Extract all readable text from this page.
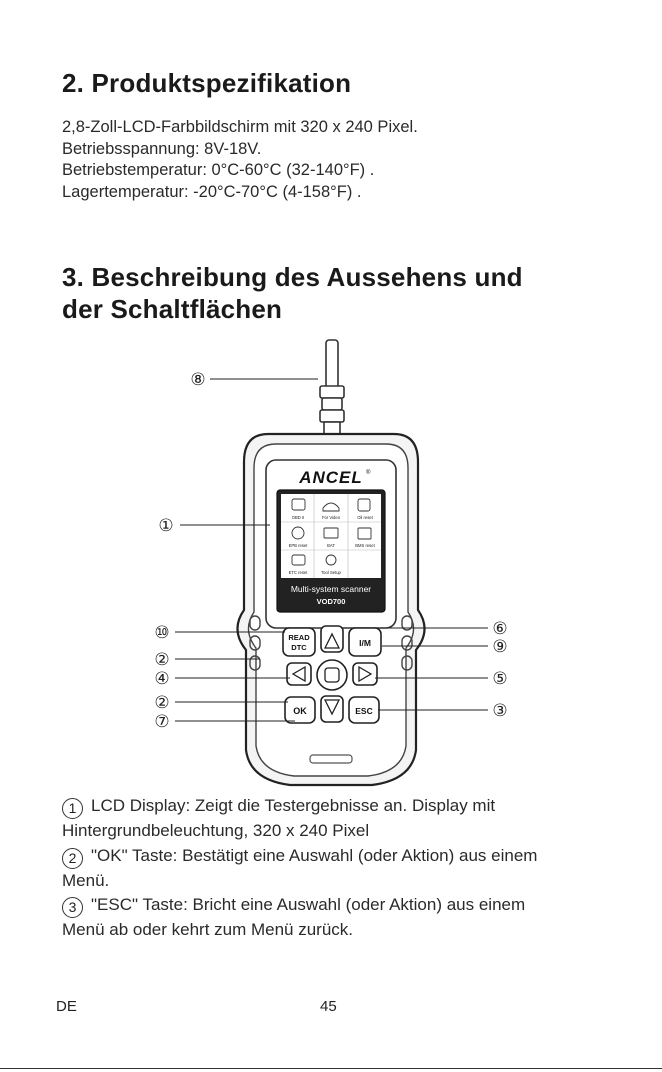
2. Produktspezifikation
2,8-Zoll-LCD-Farbbildschirm mit 320 x 240 Pixel.
Betriebsspannung: 8V-18V.
Betriebstemperatur: 0°C-60°C (32-140°F) .
Lagertemperatur: -20°C-70°C (4-158°F) .
3. Beschreibung des Aussehens und
der Schaltflächen
ANCEL ®
OBD II	For Video	Oil reset
EPB reset	BAT	BMS reset
ETC reset	Tool Setup
Multi-system scanner
VOD700
READ
DTC	I/M
OK	ESC
⑧
①
⑩
②
④
②
⑦
⑥
⑨
⑤
③
1 LCD Display: Zeigt die Testergebnisse an. Display mit
Hintergrundbeleuchtung, 320 x 240 Pixel
2 "OK" Taste: Bestätigt eine Auswahl (oder Aktion) aus einem
Menü.
3 "ESC" Taste: Bricht eine Auswahl (oder Aktion) aus einem
Menü ab oder kehrt zum Menü zurück.
DE	45
